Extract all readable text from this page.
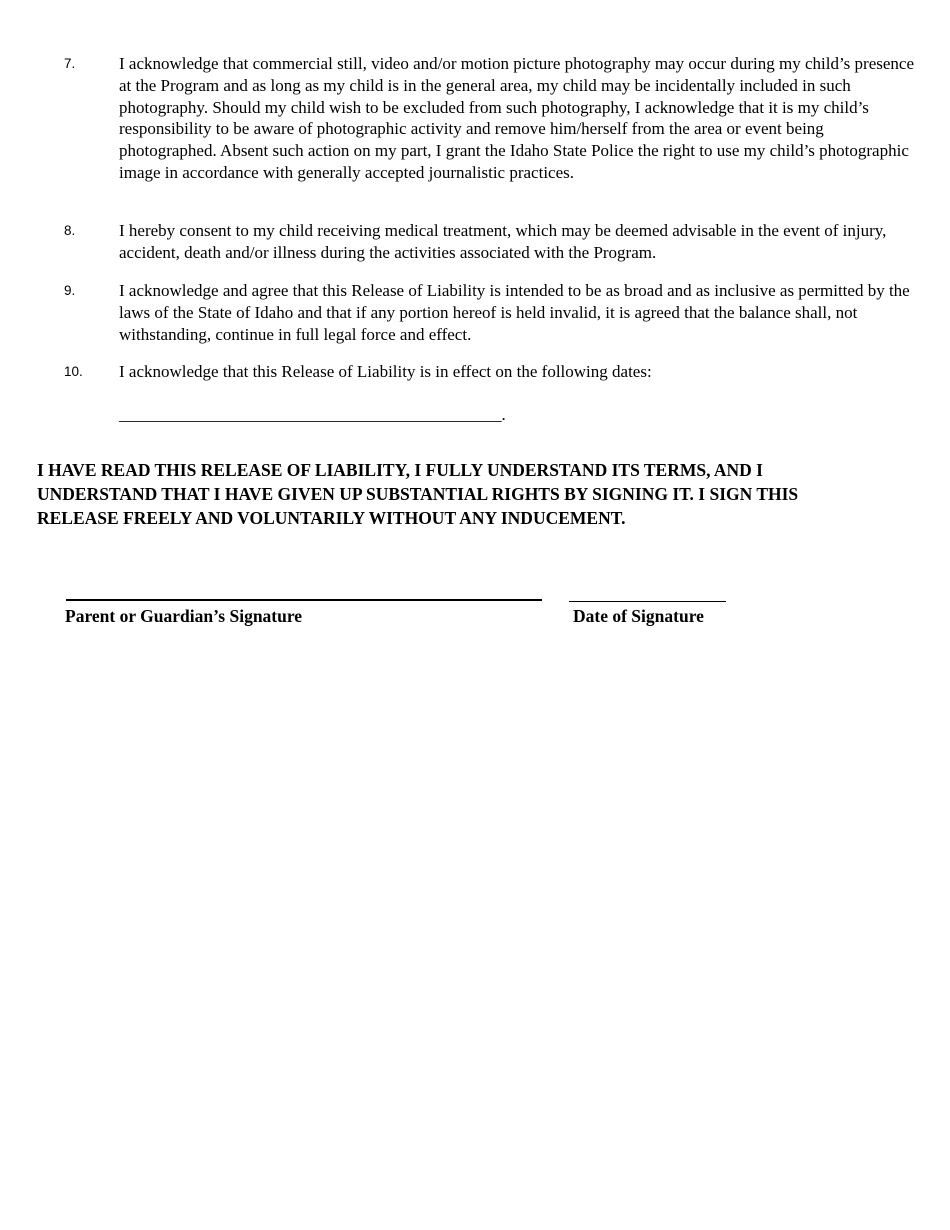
7.	I acknowledge that commercial still, video and/or motion picture photography may occur during my child’s presence at the Program and as long as my child is in the general area, my child may be incidentally included in such photography. Should my child wish to be excluded from such photography, I acknowledge that it is my child’s responsibility to be aware of photographic activity and remove him/herself from the area or event being photographed. Absent such action on my part, I grant the Idaho State Police the right to use my child’s photographic image in accordance with generally accepted journalistic practices.
8.	I hereby consent to my child receiving medical treatment, which may be deemed advisable in the event of injury, accident, death and/or illness during the activities associated with the Program.
9.	I acknowledge and agree that this Release of Liability is intended to be as broad and as inclusive as permitted by the laws of the State of Idaho and that if any portion hereof is held invalid, it is agreed that the balance shall, not withstanding, continue in full legal force and effect.
10. I acknowledge that this Release of Liability is in effect on the following dates:
_____________________________________________.
I HAVE READ THIS RELEASE OF LIABILITY, I FULLY UNDERSTAND ITS TERMS, AND I UNDERSTAND THAT I HAVE GIVEN UP SUBSTANTIAL RIGHTS BY SIGNING IT. I SIGN THIS RELEASE FREELY AND VOLUNTARILY WITHOUT ANY INDUCEMENT.
Parent or Guardian’s Signature	Date of Signature
